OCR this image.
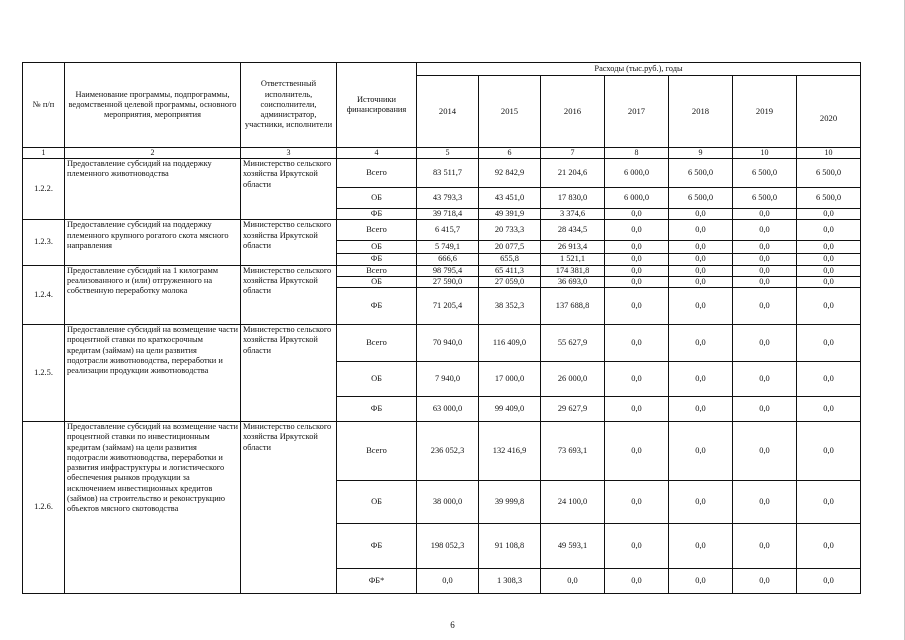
№ п/п	Наименование программы, подпрограммы, ведомственной целевой программы, основного мероприятия, мероприятия	Ответственный исполнитель, соисполнители, администратор, участники, исполнители	Источники финансирования	Расходы (тыс.руб.), годы						
				2014	2015	2016	2017	2018	2019	2020
1	2	3	4	5	6	7	8	9	10	10
1.2.2.	Предоставление субсидий на поддержку племенного животноводства	Министерство сельского хозяйства Иркутской области	Всего	83 511,7	92 842,9	21 204,6	6 000,0	6 500,0	6 500,0	6 500,0
			ОБ	43 793,3	43 451,0	17 830,0	6 000,0	6 500,0	6 500,0	6 500,0
			ФБ	39 718,4	49 391,9	3 374,6	0,0	0,0	0,0	0,0
1.2.3.	Предоставление субсидий на поддержку племенного крупного рогатого скота мясного направления	Министерство сельского хозяйства Иркутской области	Всего	6 415,7	20 733,3	28 434,5	0,0	0,0	0,0	0,0
			ОБ	5 749,1	20 077,5	26 913,4	0,0	0,0	0,0	0,0
			ФБ	666,6	655,8	1 521,1	0,0	0,0	0,0	0,0
1.2.4.	Предоставление субсидий на 1 килограмм реализованного и (или) отгруженного на собственную переработку молока	Министерство сельского хозяйства Иркутской области	Всего	98 795,4	65 411,3	174 381,8	0,0	0,0	0,0	0,0
			ОБ	27 590,0	27 059,0	36 693,0	0,0	0,0	0,0	0,0
			ФБ	71 205,4	38 352,3	137 688,8	0,0	0,0	0,0	0,0
1.2.5.	Предоставление субсидий на возмещение части процентной ставки по краткосрочным кредитам (займам) на цели развития подотрасли животноводства, переработки и реализации продукции животноводства	Министерство сельского хозяйства Иркутской области	Всего	70 940,0	116 409,0	55 627,9	0,0	0,0	0,0	0,0
			ОБ	7 940,0	17 000,0	26 000,0	0,0	0,0	0,0	0,0
			ФБ	63 000,0	99 409,0	29 627,9	0,0	0,0	0,0	0,0
1.2.6.	Предоставление субсидий на возмещение части процентной ставки по инвестиционным кредитам (займам) на цели развития подотрасли животноводства, переработки и развития инфраструктуры и логистического обеспечения рынков продукции за исключением инвестиционных кредитов (займов) на строительство и реконструкцию объектов мясного скотоводства	Министерство сельского хозяйства Иркутской области	Всего	236 052,3	132 416,9	73 693,1	0,0	0,0	0,0	0,0
			ОБ	38 000,0	39 999,8	24 100,0	0,0	0,0	0,0	0,0
			ФБ	198 052,3	91 108,8	49 593,1	0,0	0,0	0,0	0,0
			ФБ*	0,0	1 308,3	0,0	0,0	0,0	0,0	0,0
6
